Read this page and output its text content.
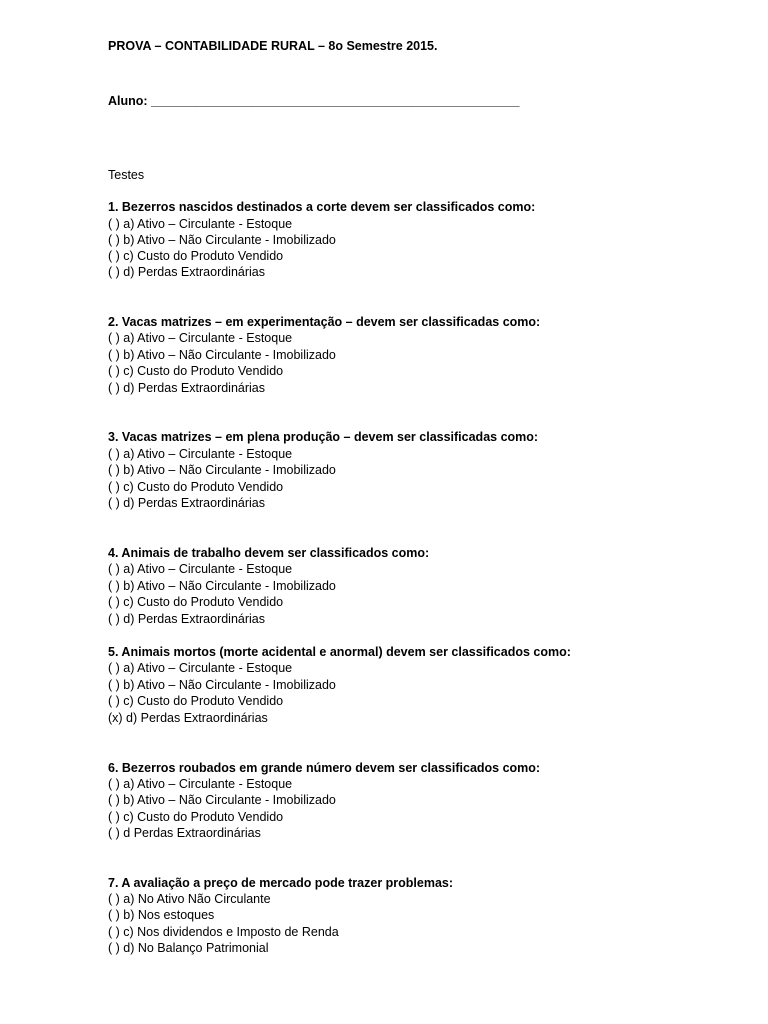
PROVA – CONTABILIDADE RURAL – 8o Semestre 2015.
Aluno: _____________________________________________________
Testes
1. Bezerros nascidos destinados a corte devem ser classificados como:
( ) a) Ativo – Circulante - Estoque
( ) b) Ativo – Não Circulante - Imobilizado
( ) c) Custo do Produto Vendido
( ) d) Perdas Extraordinárias
2. Vacas matrizes – em experimentação – devem ser classificadas como:
( ) a) Ativo – Circulante - Estoque
( ) b) Ativo – Não Circulante - Imobilizado
( ) c) Custo do Produto Vendido
( ) d) Perdas Extraordinárias
3. Vacas matrizes – em plena produção – devem ser classificadas como:
( ) a) Ativo – Circulante - Estoque
( ) b) Ativo – Não Circulante - Imobilizado
( ) c) Custo do Produto Vendido
( ) d) Perdas Extraordinárias
4. Animais de trabalho devem ser classificados como:
( ) a) Ativo – Circulante - Estoque
( ) b) Ativo – Não Circulante - Imobilizado
( ) c) Custo do Produto Vendido
( ) d) Perdas Extraordinárias
5. Animais mortos (morte acidental e anormal) devem ser classificados como:
( ) a) Ativo – Circulante - Estoque
( ) b) Ativo – Não Circulante - Imobilizado
( ) c) Custo do Produto Vendido
(x) d) Perdas Extraordinárias
6. Bezerros roubados em grande número devem ser classificados como:
( ) a) Ativo – Circulante - Estoque
( ) b) Ativo – Não Circulante - Imobilizado
( ) c) Custo do Produto Vendido
( ) d Perdas Extraordinárias
7. A avaliação a preço de mercado pode trazer problemas:
( ) a) No Ativo Não Circulante
( ) b) Nos estoques
( ) c) Nos dividendos e Imposto de Renda
( ) d) No Balanço Patrimonial
